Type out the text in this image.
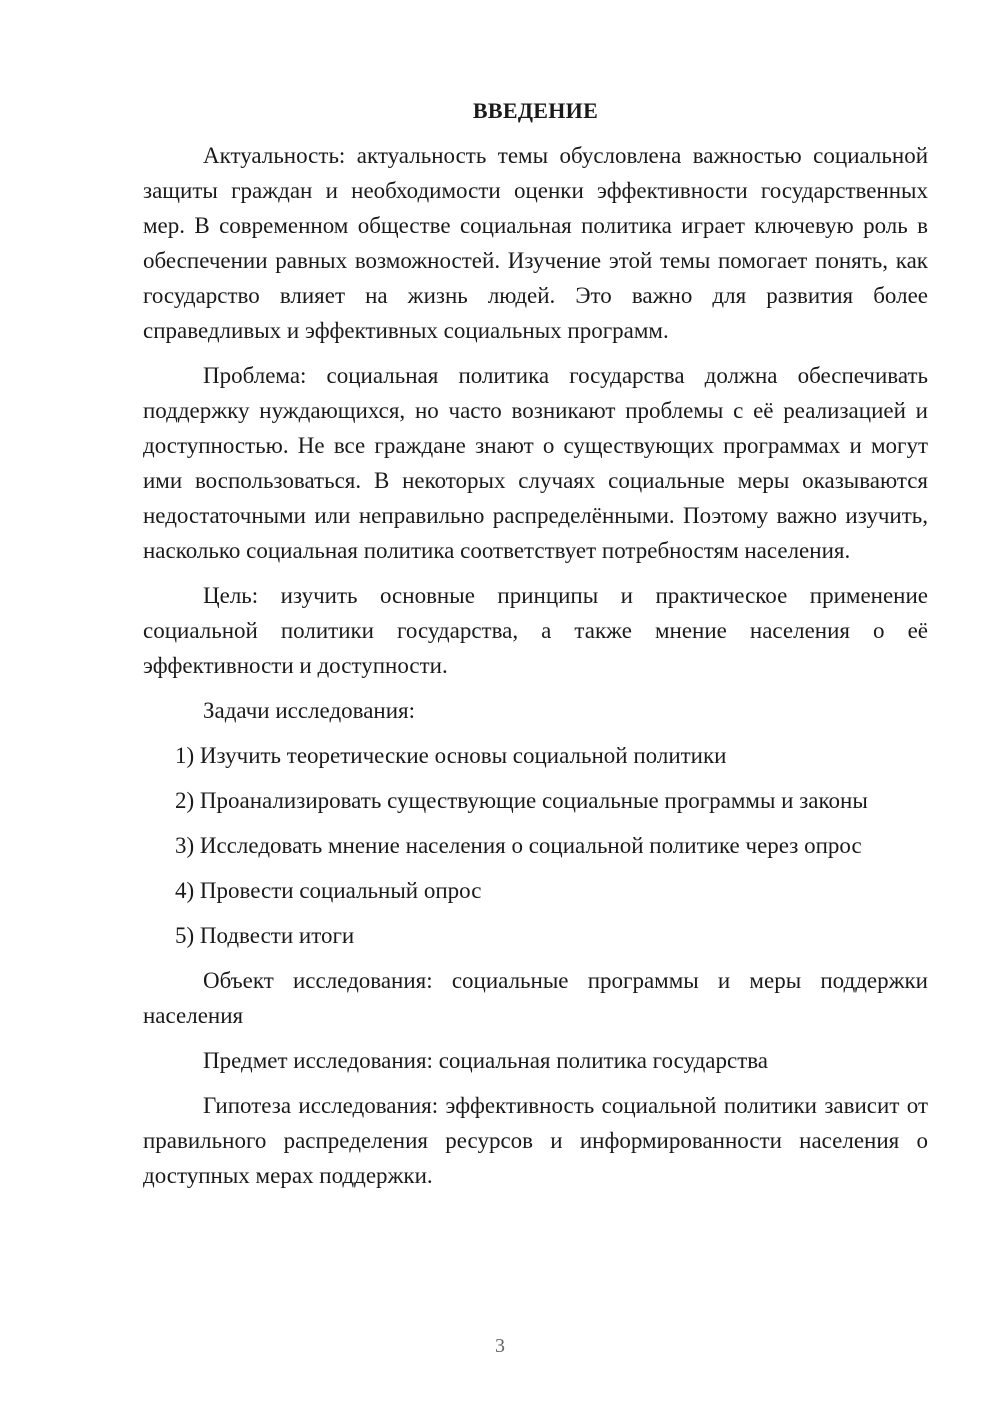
ВВЕДЕНИЕ

Актуальность: актуальность темы обусловлена важностью социальной защиты граждан и необходимости оценки эффективности государственных мер. В современном обществе социальная политика играет ключевую роль в обеспечении равных возможностей. Изучение этой темы помогает понять, как государство влияет на жизнь людей. Это важно для развития более справедливых и эффективных социальных программ.

Проблема: социальная политика государства должна обеспечивать поддержку нуждающихся, но часто возникают проблемы с её реализацией и доступностью. Не все граждане знают о существующих программах и могут ими воспользоваться. В некоторых случаях социальные меры оказываются недостаточными или неправильно распределёнными. Поэтому важно изучить, насколько социальная политика соответствует потребностям населения.

Цель: изучить основные принципы и практическое применение социальной политики государства, а также мнение населения о её эффективности и доступности.

Задачи исследования:

1) Изучить теоретические основы социальной политики
2) Проанализировать существующие социальные программы и законы
3) Исследовать мнение населения о социальной политике через опрос
4) Провести социальный опрос
5) Подвести итоги

Объект исследования: социальные программы и меры поддержки населения

Предмет исследования: социальная политика государства

Гипотеза исследования: эффективность социальной политики зависит от правильного распределения ресурсов и информированности населения о доступных мерах поддержки.

3
